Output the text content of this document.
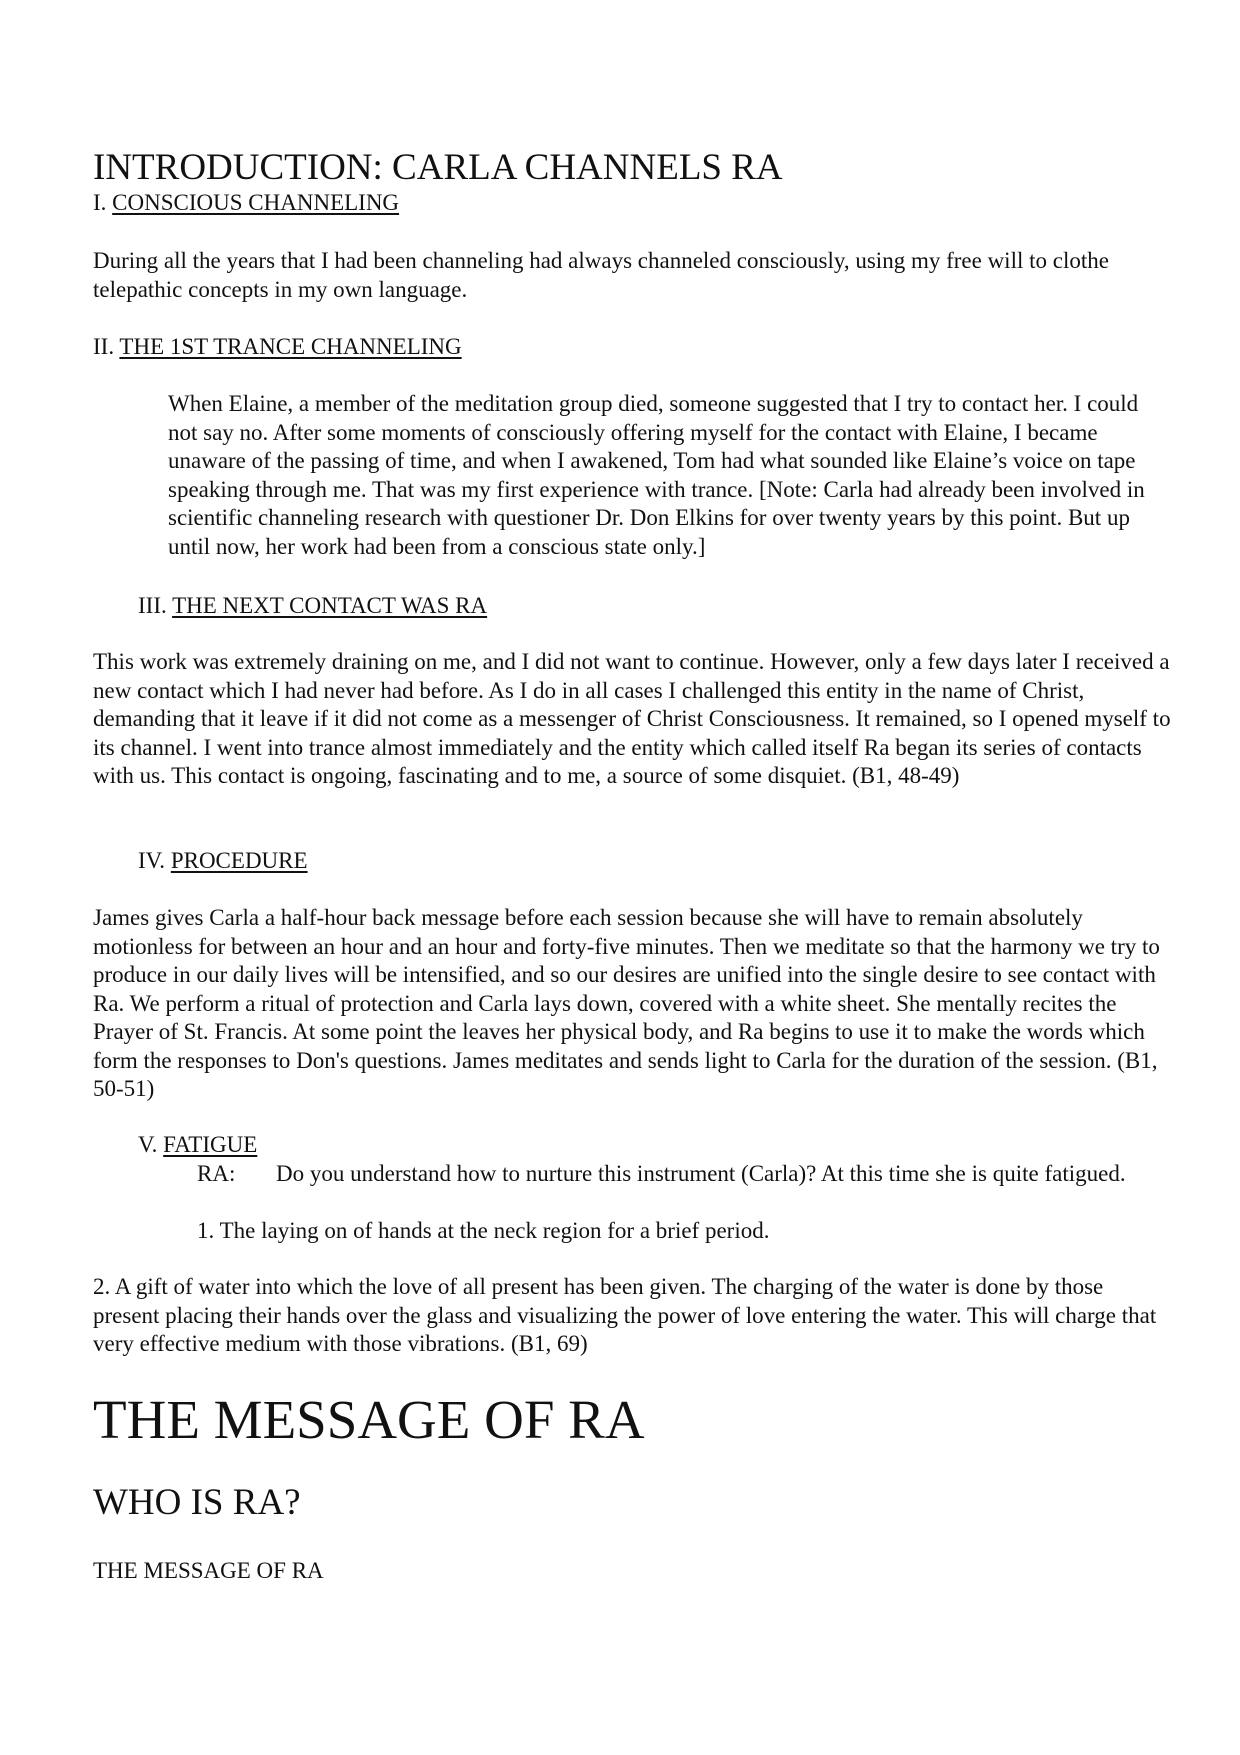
INTRODUCTION: CARLA CHANNELS RA
I. CONSCIOUS CHANNELING
During all the years that I had been channeling had always channeled consciously, using my free will to clothe telepathic concepts in my own language.
II. THE 1ST TRANCE CHANNELING
When Elaine, a member of the meditation group died, someone suggested that I try to contact her. I could not say no. After some moments of consciously offering myself for the contact with Elaine, I became unaware of the passing of time, and when I awakened, Tom had what sounded like Elaine’s voice on tape speaking through me. That was my first experience with trance. [Note: Carla had already been involved in scientific channeling research with questioner Dr. Don Elkins for over twenty years by this point. But up until now, her work had been from a conscious state only.]
III. THE NEXT CONTACT WAS RA
This work was extremely draining on me, and I did not want to continue. However, only a few days later I received a new contact which I had never had before. As I do in all cases I challenged this entity in the name of Christ, demanding that it leave if it did not come as a messenger of Christ Consciousness. It remained, so I opened myself to its channel. I went into trance almost immediately and the entity which called itself Ra began its series of contacts with us. This contact is ongoing, fascinating and to me, a source of some disquiet. (B1, 48-49)
IV. PROCEDURE
James gives Carla a half-hour back message before each session because she will have to remain absolutely motionless for between an hour and an hour and forty-five minutes. Then we meditate so that the harmony we try to produce in our daily lives will be intensified, and so our desires are unified into the single desire to see contact with Ra. We perform a ritual of protection and Carla lays down, covered with a white sheet. She mentally recites the Prayer of St. Francis. At some point the leaves her physical body, and Ra begins to use it to make the words which form the responses to Don's questions. James meditates and sends light to Carla for the duration of the session. (B1, 50-51)
V. FATIGUE
RA:	Do you understand how to nurture this instrument (Carla)? At this time she is quite fatigued.
1. The laying on of hands at the neck region for a brief period.
2. A gift of water into which the love of all present has been given. The charging of the water is done by those present placing their hands over the glass and visualizing the power of love entering the water. This will charge that very effective medium with those vibrations. (B1, 69)
THE MESSAGE OF RA
WHO IS RA?
THE MESSAGE OF RA
